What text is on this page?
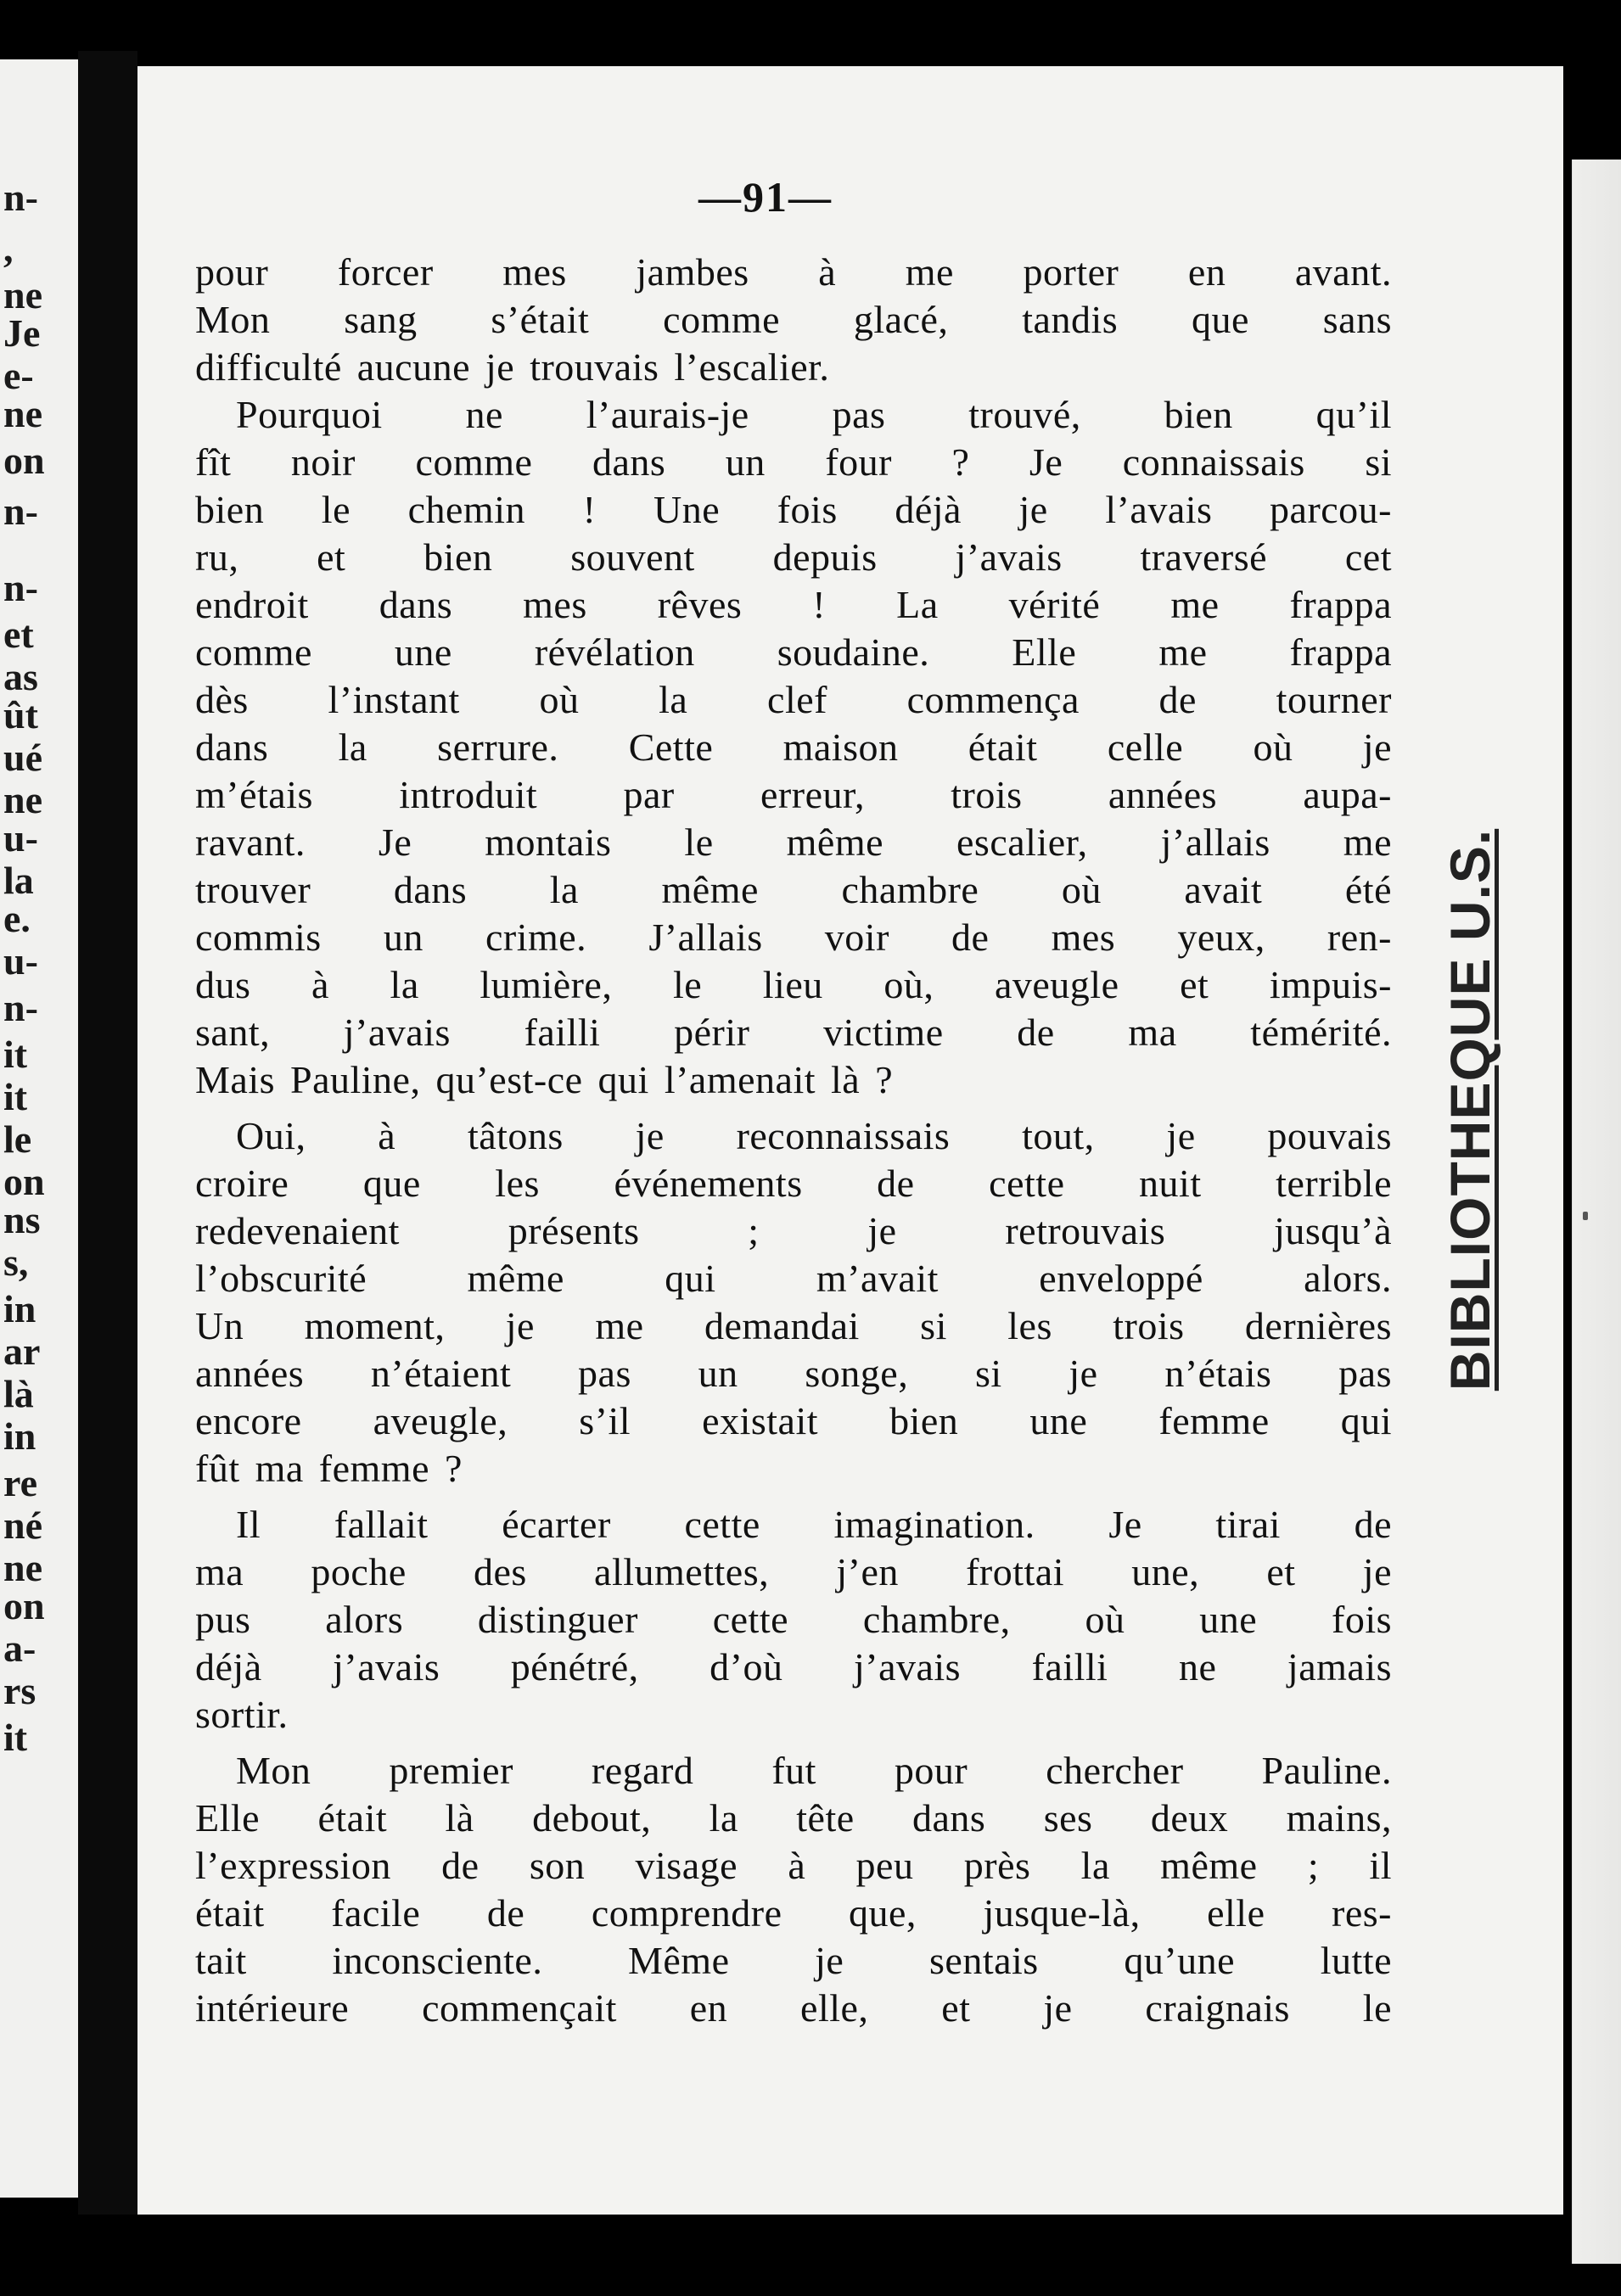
n-
,
ne
Je
e-
ne
on
n-
n-
et
as
ût
ué
ne
u-
la
e.
u-
n-
it
it
le
on
ns
s,
in
ar
là
in
re
né
ne
on
a-
rs
it
—91—
pour forcer mes jambes à me porter en avant.
Mon sang s’était comme glacé, tandis que sans
difficulté aucune je trouvais l’escalier.
Pourquoi ne l’aurais-je pas trouvé, bien qu’il
fît noir comme dans un four ? Je connaissais si
bien le chemin ! Une fois déjà je l’avais parcou-
ru, et bien souvent depuis j’avais traversé cet
endroit dans mes rêves ! La vérité me frappa
comme une révélation soudaine. Elle me frappa
dès l’instant où la clef commença de tourner
dans la serrure. Cette maison était celle où je
m’étais introduit par erreur, trois années aupa-
ravant. Je montais le même escalier, j’allais me
trouver dans la même chambre où avait été
commis un crime. J’allais voir de mes yeux, ren-
dus à la lumière, le lieu où, aveugle et impuis-
sant, j’avais failli périr victime de ma témérité.
Mais Pauline, qu’est-ce qui l’amenait là ?
Oui, à tâtons je reconnaissais tout, je pouvais
croire que les événements de cette nuit terrible
redevenaient présents ; je retrouvais jusqu’à
l’obscurité même qui m’avait enveloppé alors.
Un moment, je me demandai si les trois dernières
années n’étaient pas un songe, si je n’étais pas
encore aveugle, s’il existait bien une femme qui
fût ma femme ?
Il fallait écarter cette imagination. Je tirai de
ma poche des allumettes, j’en frottai une, et je
pus alors distinguer cette chambre, où une fois
déjà j’avais pénétré, d’où j’avais failli ne jamais
sortir.
Mon premier regard fut pour chercher Pauline.
Elle était là debout, la tête dans ses deux mains,
l’expression de son visage à peu près la même ; il
était facile de comprendre que, jusque-là, elle res-
tait inconsciente. Même je sentais qu’une lutte
intérieure commençait en elle, et je craignais le
BIBLIOTHEQUE U.S.
